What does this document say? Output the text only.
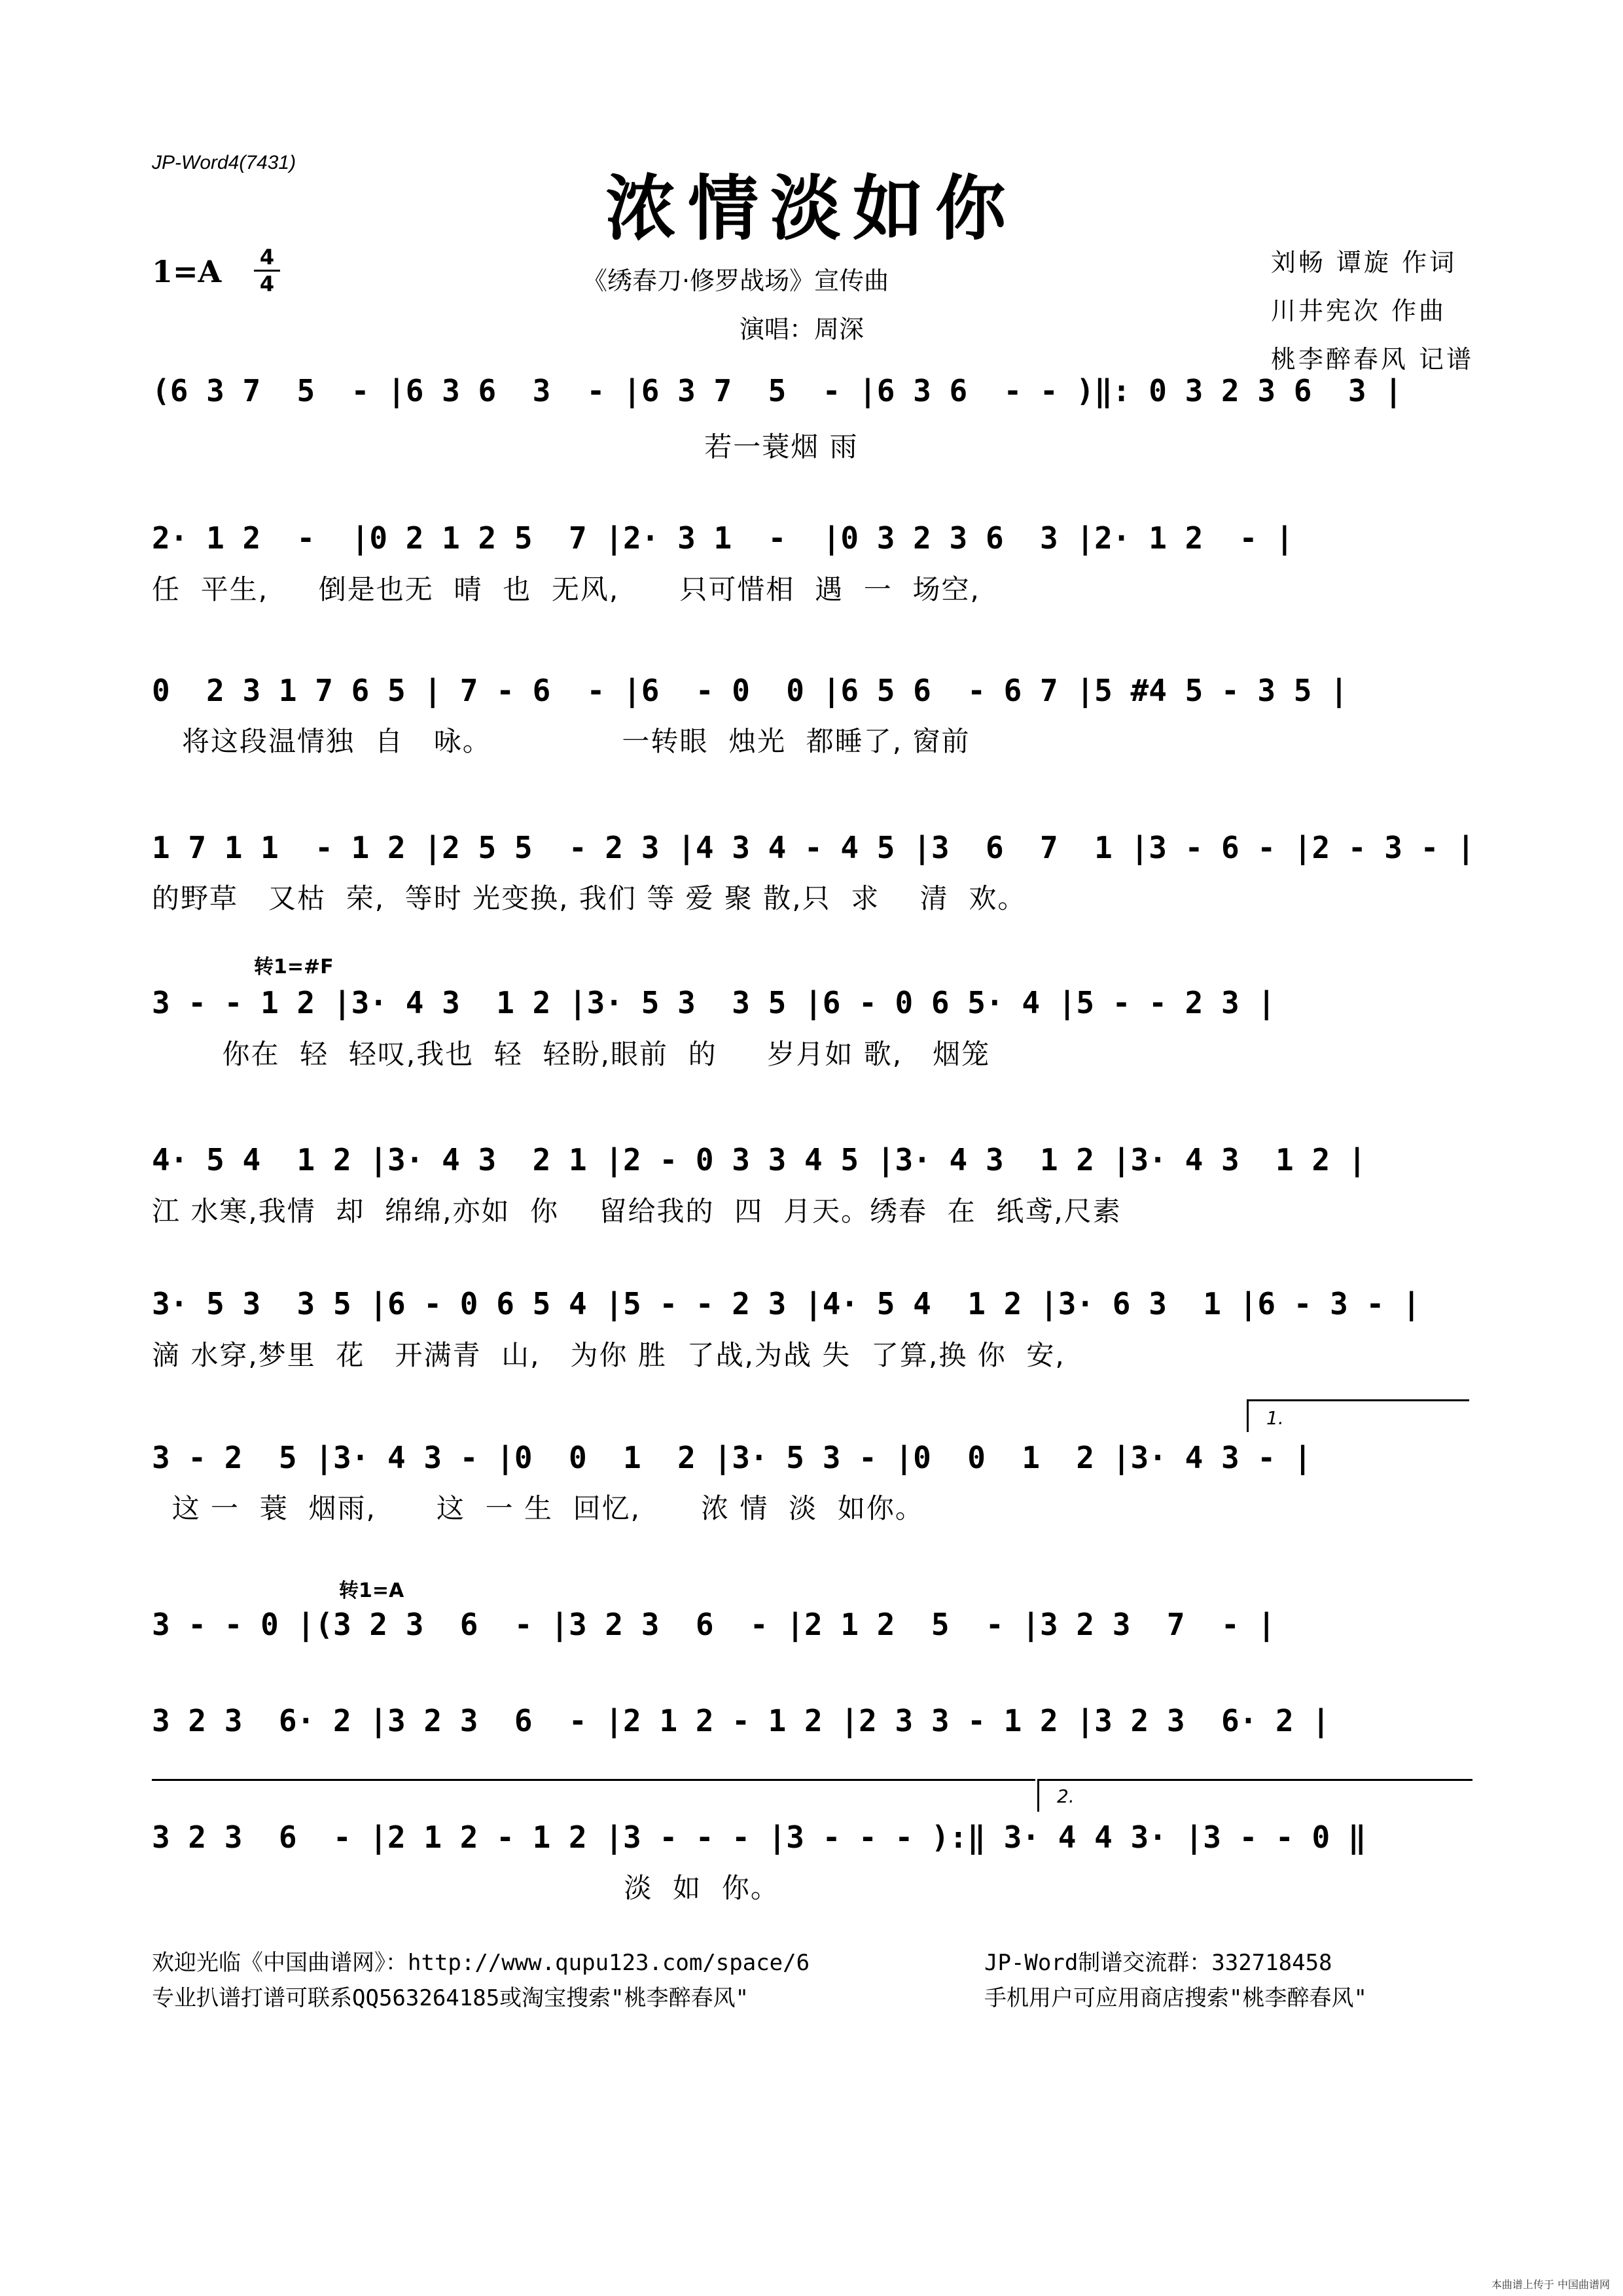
JP-Word4(7431)
浓情淡如你
$1=A \frac{4}{4}$	《绣春刀·修罗战场》宣传曲
演唱：周深
刘畅 谭旋 作词
川井宪次 作曲
桃李醉春风 记谱
(6 3 7  5  - |6 3 6  3  - |6 3 7  5  - |6 3 6  - - )‖: 0 3 2 3 6  3 |
若一蓑烟 雨
2· 1 2  -  |0 2 1 2 5  7 |2· 3 1  -  |0 3 2 3 6  3 |2· 1 2  - |
任  平生,     倒是也无  晴  也  无风,      只可惜相  遇  一  场空,
0  2 3 1 7 6 5 | 7 - 6  - |6  - 0  0 |6 5 6  - 6 7 |5 #4 5 - 3 5 |
将这段温情独  自   咏。             一转眼  烛光  都睡了, 窗前
1 7 1 1  - 1 2 |2 5 5  - 2 3 |4 3 4 - 4 5 |3  6  7  1 |3 - 6 - |2 - 3 - |
的野草   又枯  荣,  等时 光变换, 我们 等 爱 聚 散,只  求    清  欢。
转1=#F
3 - - 1 2 |3· 4 3  1 2 |3· 5 3  3 5 |6 - 0 6 5· 4 |5 - - 2 3 |
你在  轻  轻叹,我也  轻  轻盼,眼前  的     岁月如 歌,   烟笼
4· 5 4  1 2 |3· 4 3  2 1 |2 - 0 3 3 4 5 |3· 4 3  1 2 |3· 4 3  1 2 |
江 水寒,我情  却  绵绵,亦如  你    留给我的  四  月天。绣春  在  纸鸢,尺素
3· 5 3  3 5 |6 - 0 6 5 4 |5 - - 2 3 |4· 5 4  1 2 |3· 6 3  1 |6 - 3 - |
滴 水穿,梦里  花   开满青  山,   为你 胜  了战,为战 失  了算,换 你  安,
1.
3 - 2  5 |3· 4 3 - |0  0  1  2 |3· 5 3 - |0  0  1  2 |3· 4 3 - |
这 一  蓑  烟雨,      这  一 生  回忆,      浓 情  淡  如你。
转1=A
3 - - 0 |(3 2 3  6  - |3 2 3  6  - |2 1 2  5  - |3 2 3  7  - |
3 2 3  6· 2 |3 2 3  6  - |2 1 2 - 1 2 |2 3 3 - 1 2 |3 2 3  6· 2 |
2.
3 2 3  6  - |2 1 2 - 1 2 |3 - - - |3 - - - ):‖ 3· 4 4 3· |3 - - 0 ‖
淡  如  你。
欢迎光临《中国曲谱网》：http://www.qupu123.com/space/6
专业扒谱打谱可联系QQ563264185或淘宝搜索"桃李醉春风"
JP-Word制谱交流群：332718458
手机用户可应用商店搜索"桃李醉春风"
本曲谱上传于 中国曲谱网
